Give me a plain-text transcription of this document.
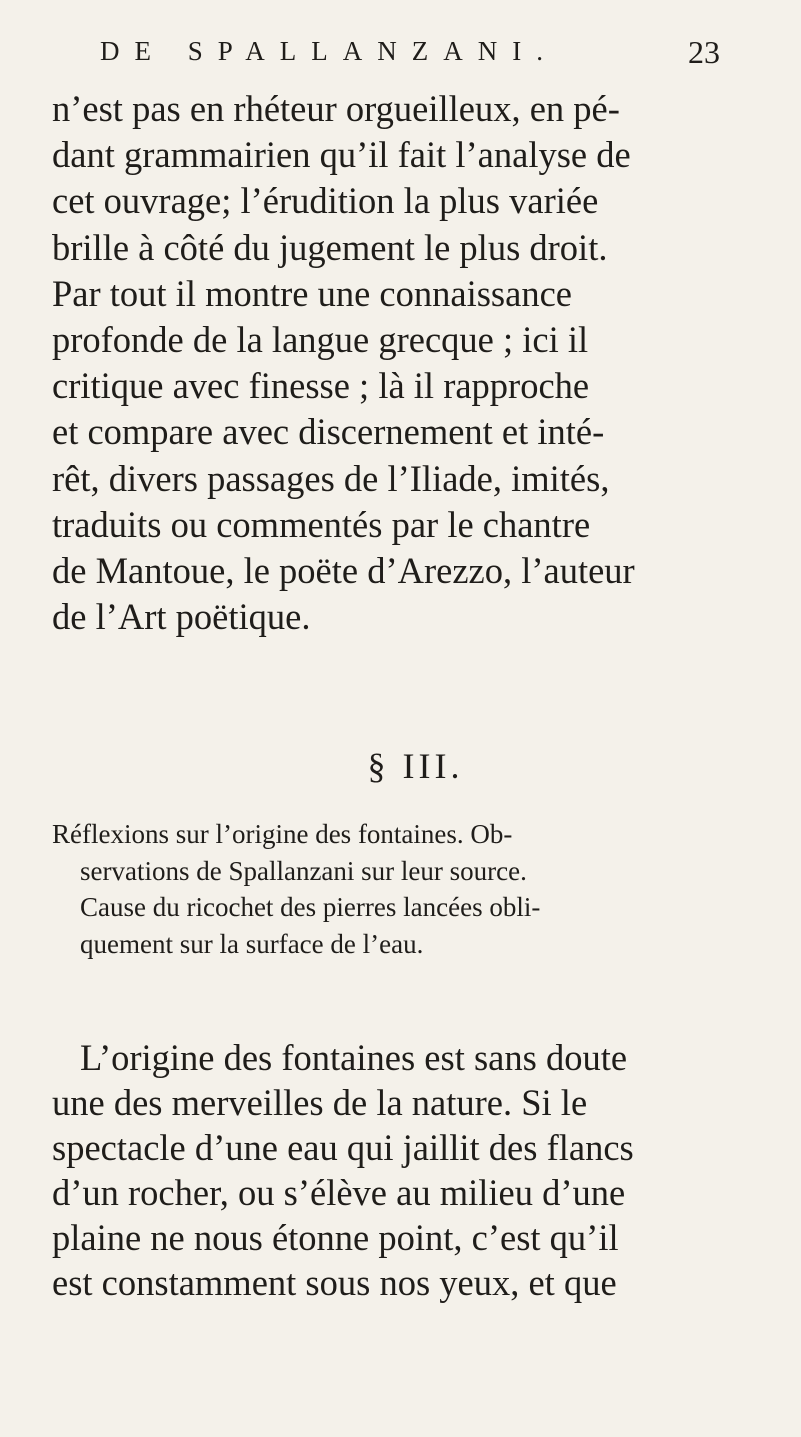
DE SPALLANZANI.	23

n’est pas en rhéteur orgueilleux, en pé-
dant grammairien qu’il fait l’analyse de
cet ouvrage; l’érudition la plus variée
brille à côté du jugement le plus droit.
Par tout il montre une connaissance
profonde de la langue grecque ; ici il
critique avec finesse ; là il rapproche
et compare avec discernement et inté-
rêt, divers passages de l’Iliade, imités,
traduits ou commentés par le chantre
de Mantoue, le poëte d’Arezzo, l’auteur
de l’Art poëtique.

§ III.
Réflexions sur l’origine des fontaines. Ob-
servations de Spallanzani sur leur source.
Cause du ricochet des pierres lancées obli-
quement sur la surface de l’eau.
L’origine des fontaines est sans doute
une des merveilles de la nature. Si le
spectacle d’une eau qui jaillit des flancs
d’un rocher, ou s’élève au milieu d’une
plaine ne nous étonne point, c’est qu’il
est constamment sous nos yeux, et que
